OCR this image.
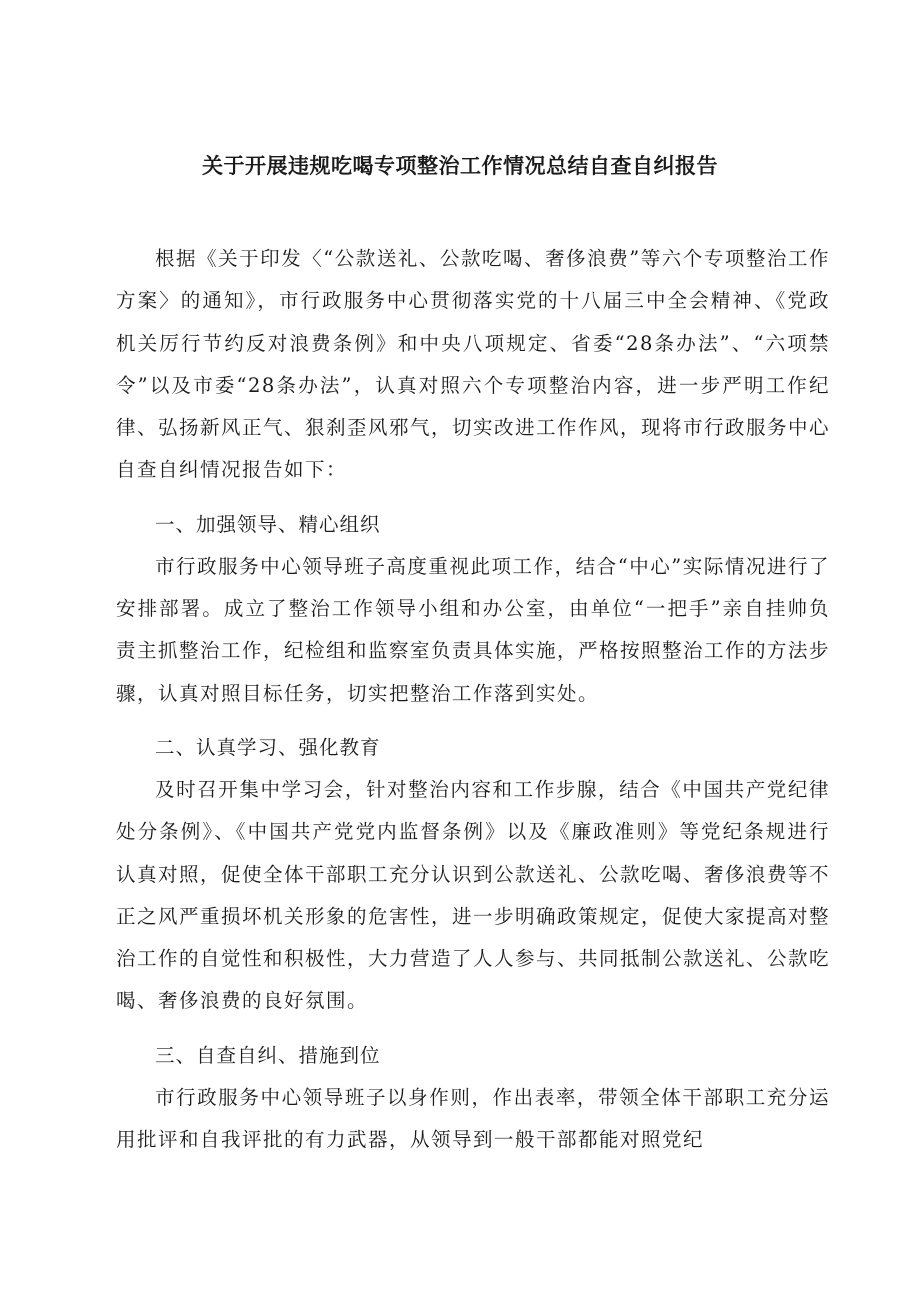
关于开展违规吃喝专项整治工作情况总结自查自纠报告

根据《关于印发〈“公款送礼、公款吃喝、奢侈浪费”等六个专项整治工作方案〉的通知》，市行政服务中心贯彻落实党的十八届三中全会精神、《党政机关厉行节约反对浪费条例》和中央八项规定、省委“28条办法”、“六项禁令”以及市委“28条办法”，认真对照六个专项整治内容，进一步严明工作纪律、弘扬新风正气、狠刹歪风邪气，切实改进工作作风，现将市行政服务中心自查自纠情况报告如下：

一、加强领导、精心组织

市行政服务中心领导班子高度重视此项工作，结合“中心”实际情况进行了安排部署。成立了整治工作领导小组和办公室，由单位“一把手”亲自挂帅负责主抓整治工作，纪检组和监察室负责具体实施，严格按照整治工作的方法步骤，认真对照目标任务，切实把整治工作落到实处。

二、认真学习、强化教育

及时召开集中学习会，针对整治内容和工作步腺，结合《中国共产党纪律处分条例》、《中国共产党党内监督条例》以及《廉政准则》等党纪条规进行认真对照，促使全体干部职工充分认识到公款送礼、公款吃喝、奢侈浪费等不正之风严重损坏机关形象的危害性，进一步明确政策规定，促使大家提高对整治工作的自觉性和积极性，大力营造了人人参与、共同抵制公款送礼、公款吃喝、奢侈浪费的良好氛围。

三、自查自纠、措施到位

市行政服务中心领导班子以身作则，作出表率，带领全体干部职工充分运用批评和自我评批的有力武器，从领导到一般干部都能对照党纪
